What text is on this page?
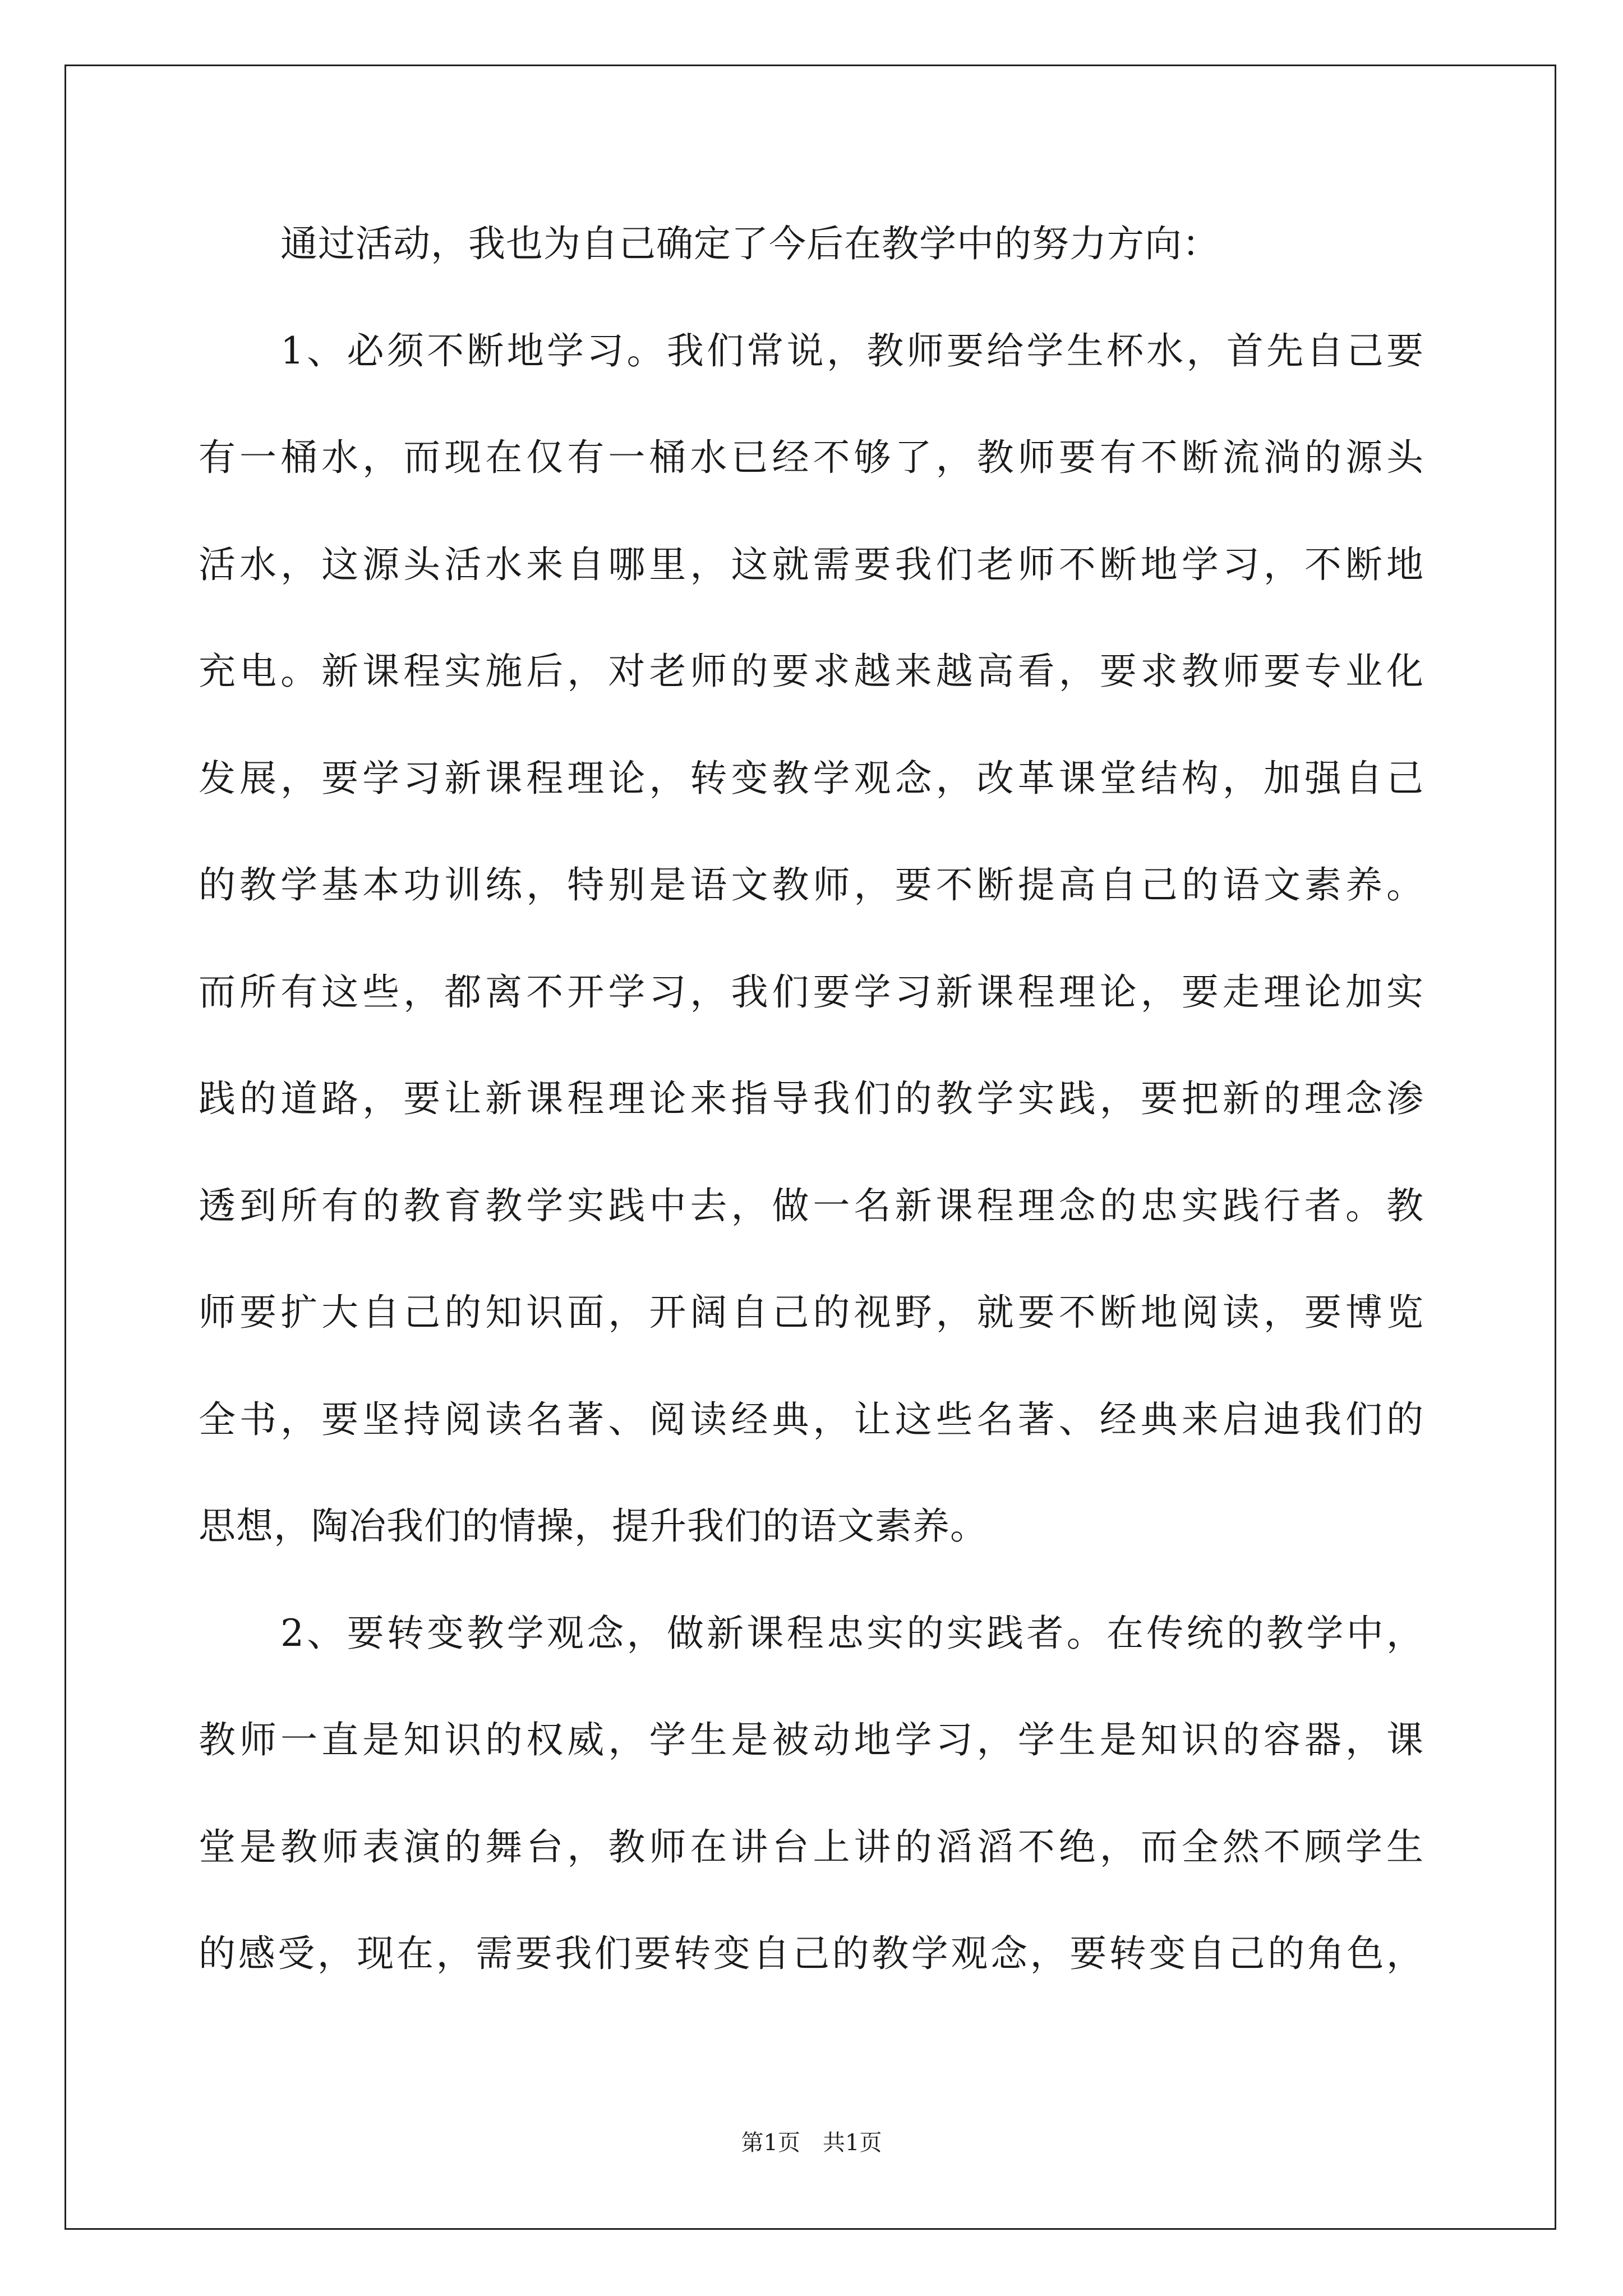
通过活动，我也为自己确定了今后在教学中的努力方向：
1、必须不断地学习。我们常说，教师要给学生杯水，首先自己要
有一桶水，而现在仅有一桶水已经不够了，教师要有不断流淌的源头
活水，这源头活水来自哪里，这就需要我们老师不断地学习，不断地
充电。新课程实施后，对老师的要求越来越高看，要求教师要专业化
发展，要学习新课程理论，转变教学观念，改革课堂结构，加强自己
的教学基本功训练，特别是语文教师，要不断提高自己的语文素养。
而所有这些，都离不开学习，我们要学习新课程理论，要走理论加实
践的道路，要让新课程理论来指导我们的教学实践，要把新的理念渗
透到所有的教育教学实践中去，做一名新课程理念的忠实践行者。教
师要扩大自己的知识面，开阔自己的视野，就要不断地阅读，要博览
全书，要坚持阅读名著、阅读经典，让这些名著、经典来启迪我们的
思想，陶冶我们的情操，提升我们的语文素养。
2、要转变教学观念，做新课程忠实的实践者。在传统的教学中，
教师一直是知识的权威，学生是被动地学习，学生是知识的容器，课
堂是教师表演的舞台，教师在讲台上讲的滔滔不绝，而全然不顾学生
的感受，现在，需要我们要转变自己的教学观念，要转变自己的角色，
第1页　共1页
